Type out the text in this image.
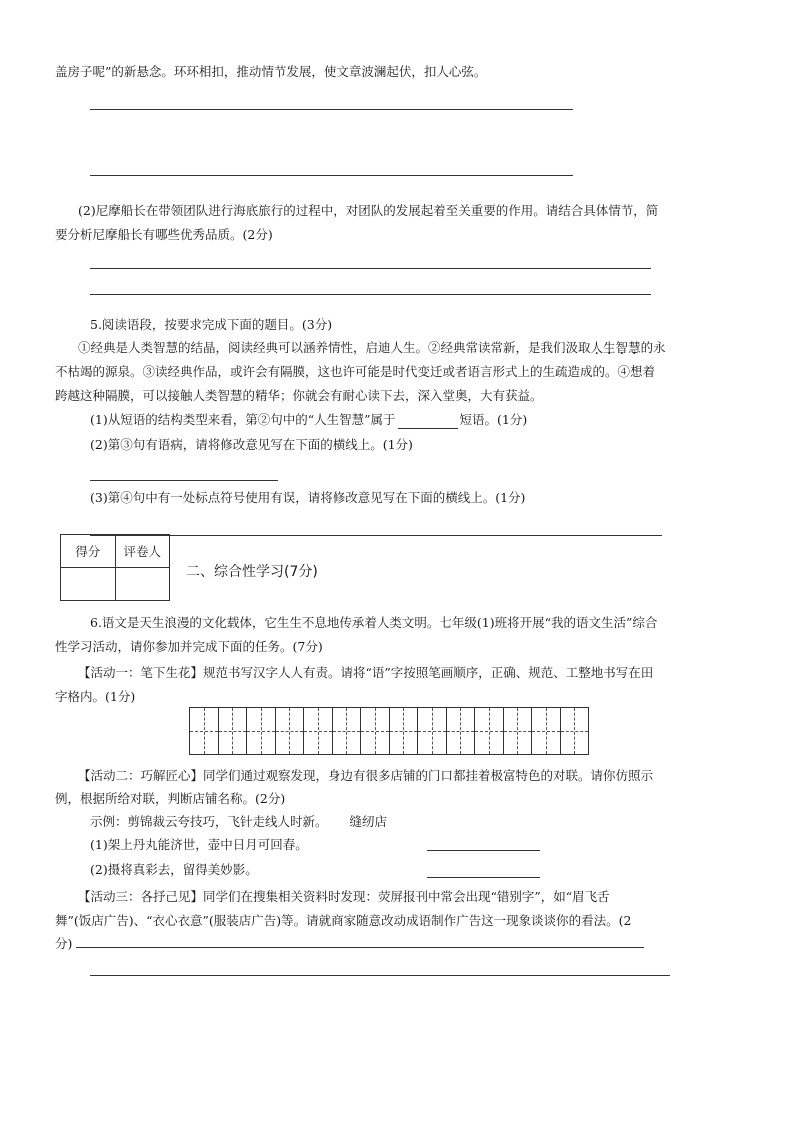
盖房子呢”的新悬念。环环相扣，推动情节发展，使文章波澜起伏，扣人心弦。
(2)尼摩船长在带领团队进行海底旅行的过程中，对团队的发展起着至关重要的作用。请结合具体情节，简
要分析尼摩船长有哪些优秀品质。(2分)
5.阅读语段，按要求完成下面的题目。(3分)
①经典是人类智慧的结晶，阅读经典可以涵养情性，启迪人生。②经典常读常新，是我们汲取人生智慧的永
不枯竭的源泉。③读经典作品，或许会有隔膜，这也许可能是时代变迁或者语言形式上的生疏造成的。④想着
跨越这种隔膜，可以接触人类智慧的精华；你就会有耐心读下去，深入堂奥，大有获益。
(1)从短语的结构类型来看，第②句中的“人生智慧”属于	短语。(1分)
(2)第③句有语病，请将修改意见写在下面的横线上。(1分)
(3)第④句中有一处标点符号使用有误，请将修改意见写在下面的横线上。(1分)
得分	评卷人

二、综合性学习(7分)
6.语文是天生浪漫的文化载体，它生生不息地传承着人类文明。七年级(1)班将开展“我的语文生活”综合
性学习活动，请你参加并完成下面的任务。(7分)
【活动一：笔下生花】规范书写汉字人人有责。请将“语”字按照笔画顺序，正确、规范、工整地书写在田
字格内。(1分)
【活动二：巧解匠心】同学们通过观察发现，身边有很多店铺的门口都挂着极富特色的对联。请你仿照示
例，根据所给对联，判断店铺名称。(2分)
示例：剪锦裁云夸技巧，飞针走线人时新。 缝纫店
(1)架上丹丸能济世，壶中日月可回春。
(2)摄将真彩去，留得美妙影。
【活动三：各抒己见】同学们在搜集相关资料时发现：荧屏报刊中常会出现“错别字”，如“眉飞舌
舞”(饭店广告)、“衣心衣意”(服装店广告)等。请就商家随意改动成语制作广告这一现象谈谈你的看法。(2
分)
